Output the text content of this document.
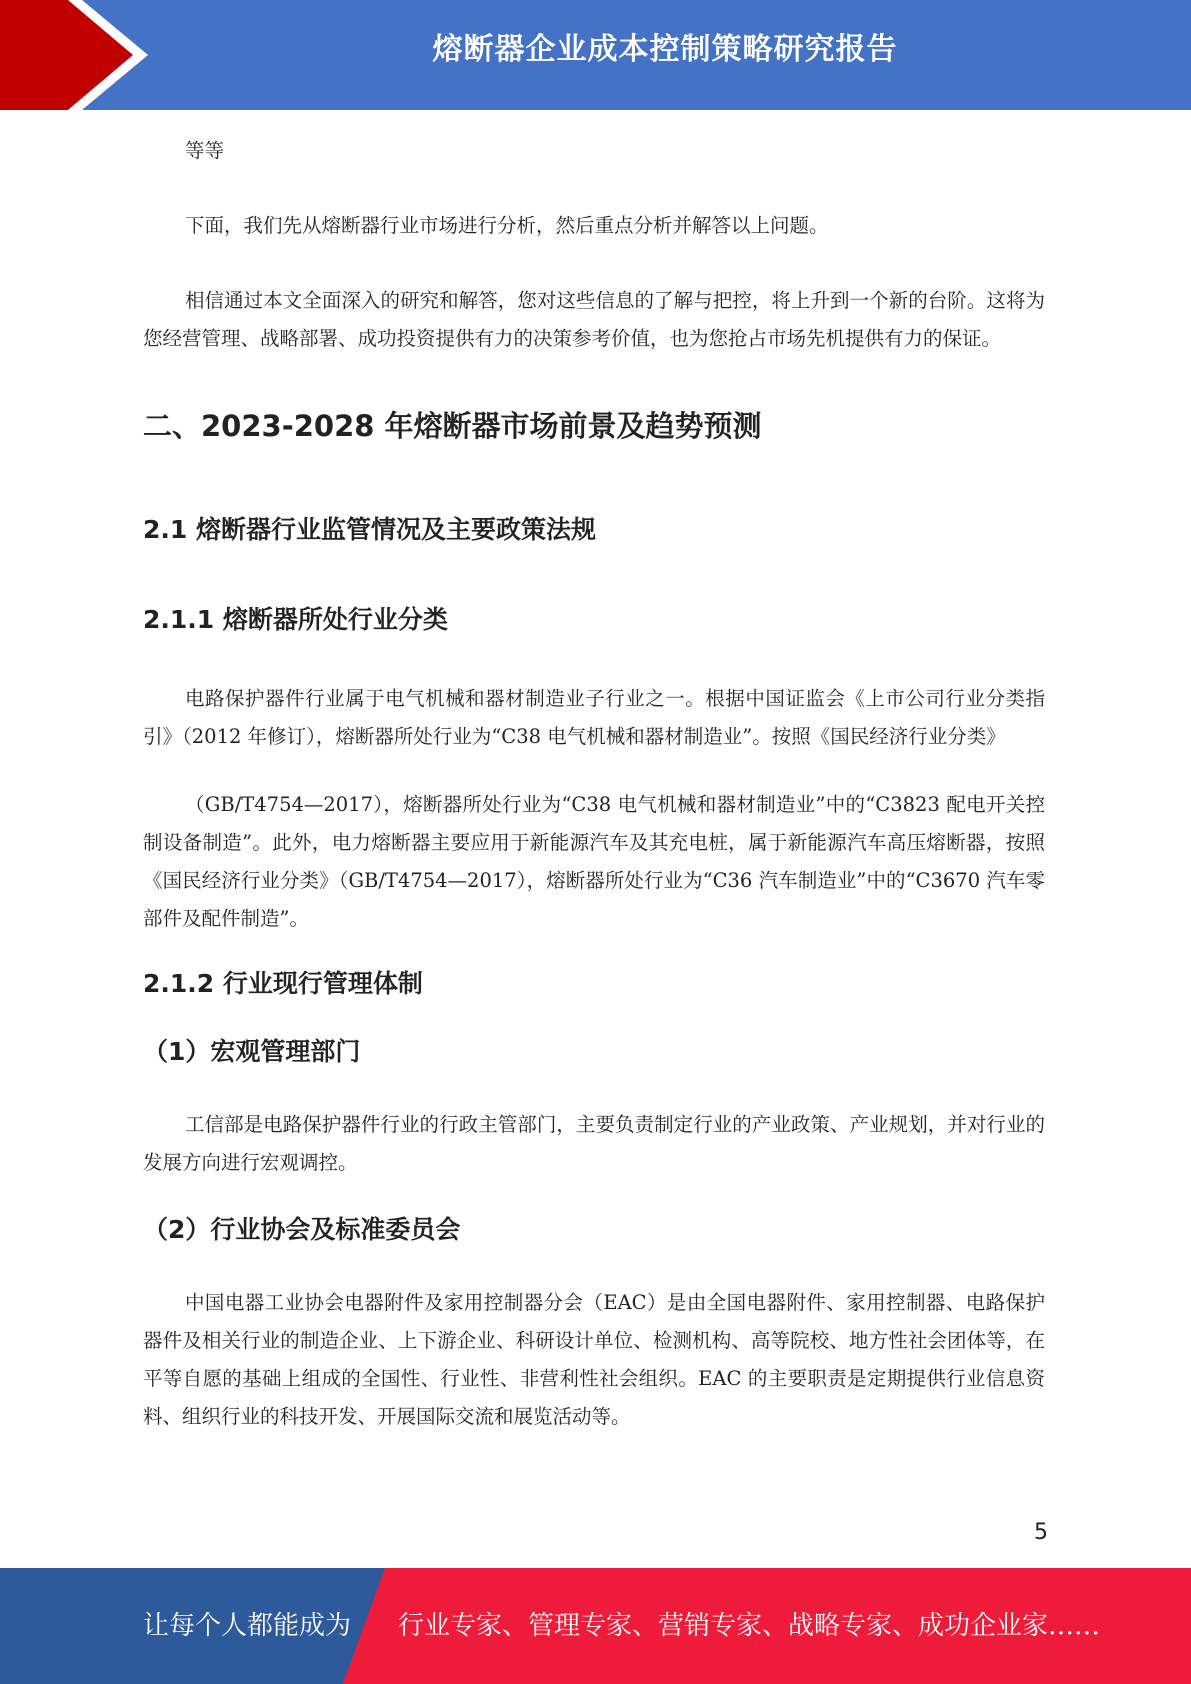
熔断器企业成本控制策略研究报告

等等

下面，我们先从熔断器行业市场进行分析，然后重点分析并解答以上问题。

相信通过本文全面深入的研究和解答，您对这些信息的了解与把控，将上升到一个新的台阶。这将为您经营管理、战略部署、成功投资提供有力的决策参考价值，也为您抢占市场先机提供有力的保证。

二、2023-2028 年熔断器市场前景及趋势预测
2.1 熔断器行业监管情况及主要政策法规
2.1.1 熔断器所处行业分类

电路保护器件行业属于电气机械和器材制造业子行业之一。根据中国证监会《上市公司行业分类指引》（2012 年修订），熔断器所处行业为“C38 电气机械和器材制造业”。按照《国民经济行业分类》

（GB/T4754—2017），熔断器所处行业为“C38 电气机械和器材制造业”中的“C3823 配电开关控制设备制造”。此外，电力熔断器主要应用于新能源汽车及其充电桩，属于新能源汽车高压熔断器，按照《国民经济行业分类》（GB/T4754—2017），熔断器所处行业为“C36 汽车制造业”中的“C3670 汽车零部件及配件制造”。

2.1.2 行业现行管理体制
（1）宏观管理部门

工信部是电路保护器件行业的行政主管部门，主要负责制定行业的产业政策、产业规划，并对行业的发展方向进行宏观调控。

（2）行业协会及标准委员会

中国电器工业协会电器附件及家用控制器分会（EAC）是由全国电器附件、家用控制器、电路保护器件及相关行业的制造企业、上下游企业、科研设计单位、检测机构、高等院校、地方性社会团体等，在平等自愿的基础上组成的全国性、行业性、非营利性社会组织。EAC 的主要职责是定期提供行业信息资料、组织行业的科技开发、开展国际交流和展览活动等。

5
让每个人都能成为 行业专家、管理专家、营销专家、战略专家、成功企业家……
